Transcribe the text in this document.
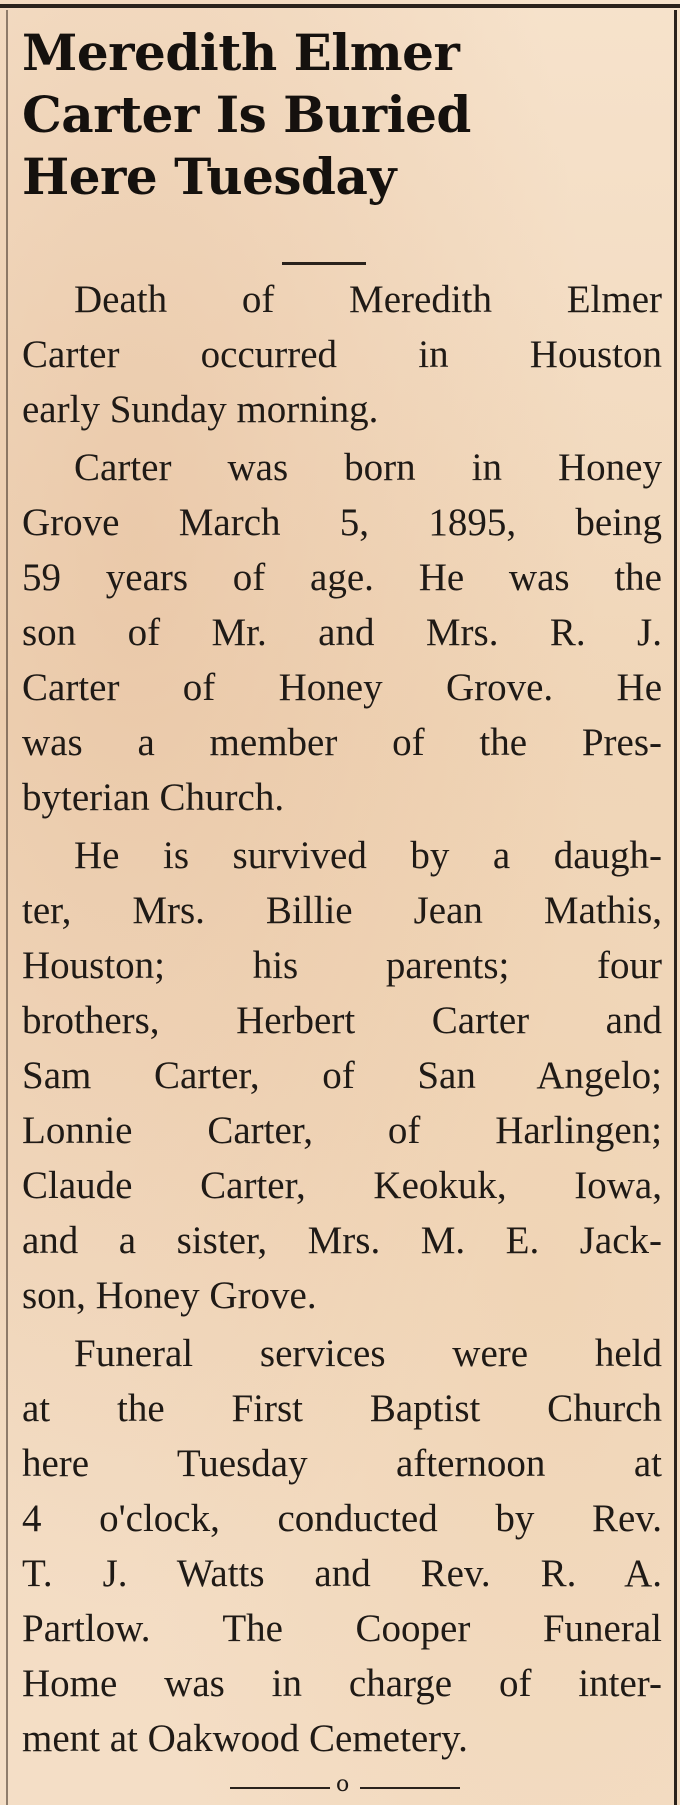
Meredith Elmer
Carter Is Buried
Here Tuesday

Death of Meredith Elmer
Carter occurred in Houston
early Sunday morning.

Carter was born in Honey
Grove March 5, 1895, being
59 years of age. He was the
son of Mr. and Mrs. R. J.
Carter of Honey Grove. He
was a member of the Pres-
byterian Church.

He is survived by a daugh-
ter, Mrs. Billie Jean Mathis,
Houston; his parents; four
brothers, Herbert Carter and
Sam Carter, of San Angelo;
Lonnie Carter, of Harlingen;
Claude Carter, Keokuk, Iowa,
and a sister, Mrs. M. E. Jack-
son, Honey Grove.

Funeral services were held
at the First Baptist Church
here Tuesday afternoon at
4 o'clock, conducted by Rev.
T. J. Watts and Rev. R. A.
Partlow. The Cooper Funeral
Home was in charge of inter-
ment at Oakwood Cemetery.

o
